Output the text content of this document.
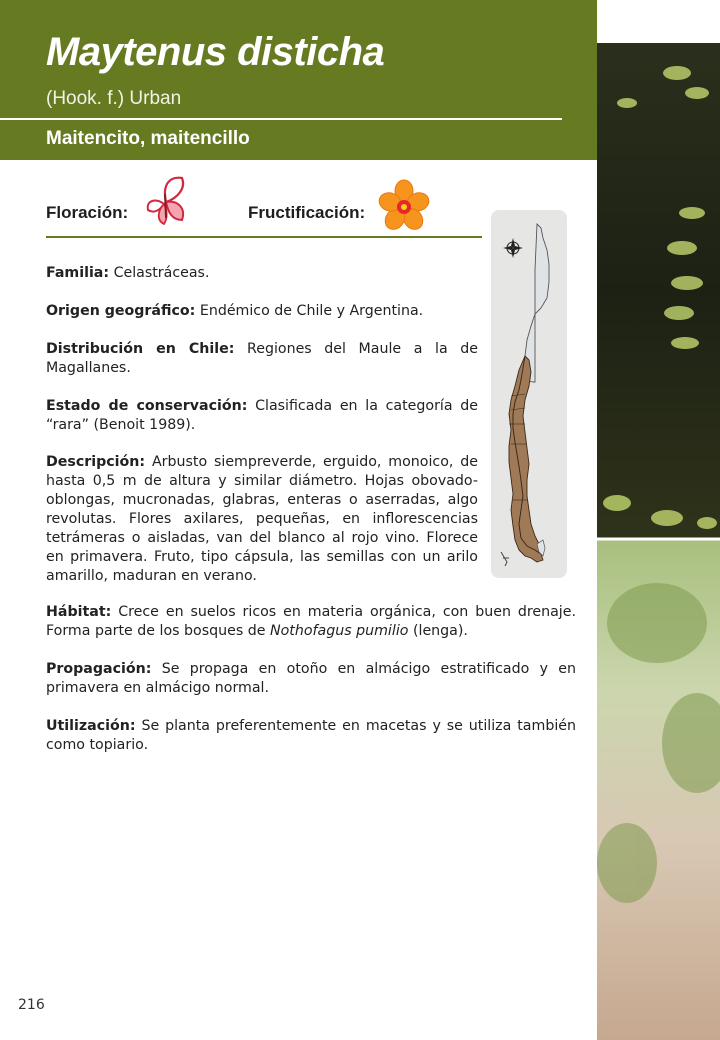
Maytenus disticha

(Hook. f.) Urban

Maitencito, maitencillo

Floración:	Fructificación:

Familia: Celastráceas.

Origen geográfico: Endémico de Chile y Argentina.

Distribución en Chile: Regiones del Maule a la de Magallanes.

Estado de conservación: Clasificada en la categoría de “rara” (Benoit 1989).

Descripción: Arbusto siempreverde, erguido, monoico, de hasta 0,5 m de altura y similar diámetro. Hojas obovado-oblongas, mucronadas, glabras, enteras o aserradas, algo revolutas. Flores axilares, pequeñas, en inflorescencias tetrámeras o aisladas, van del blanco al rojo vino. Florece en primavera. Fruto, tipo cápsula, las semillas con un arilo amarillo, maduran en verano.

Hábitat: Crece en suelos ricos en materia orgánica, con buen drenaje. Forma parte de los bosques de Nothofagus pumilio (lenga).

Propagación: Se propaga en otoño en almácigo estratificado y en primavera en almácigo normal.

Utilización: Se planta preferentemente en macetas y se utiliza también como topiario.

216
